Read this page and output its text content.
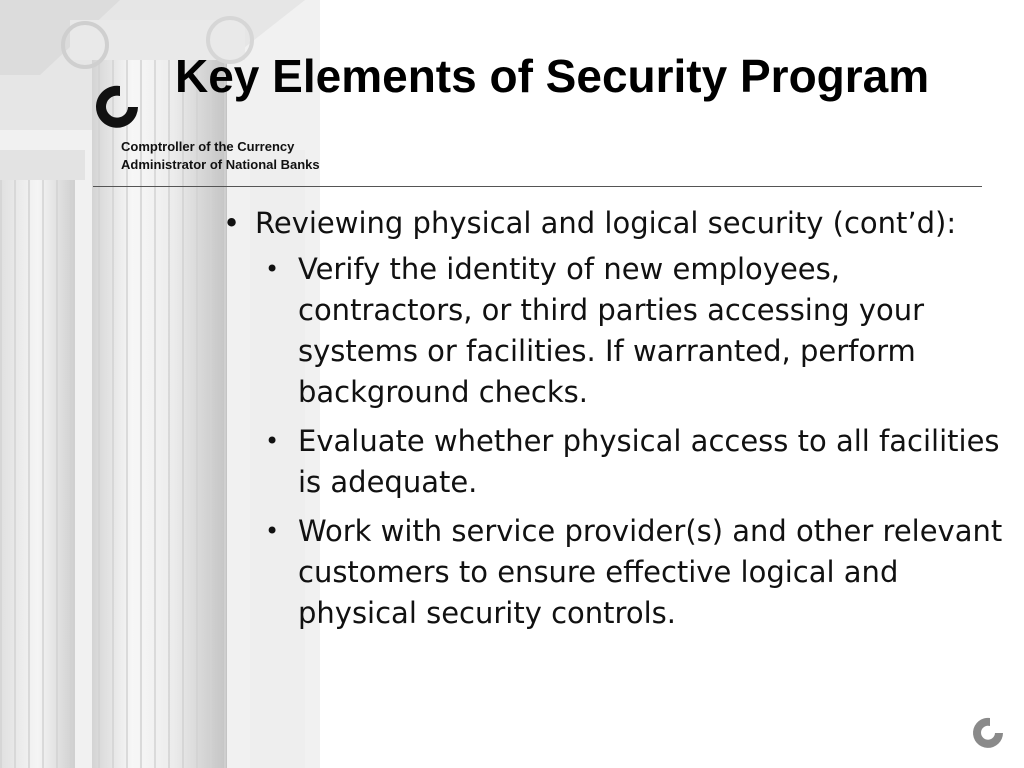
Comptroller of the Currency
Administrator of National Banks
Key Elements of Security Program
• Reviewing physical and logical security (cont’d):
• Verify the identity of new employees, contractors, or third parties accessing your systems or facilities. If warranted, perform background checks.
• Evaluate whether physical access to all facilities is adequate.
• Work with service provider(s) and other relevant customers to ensure effective logical and physical security controls.
